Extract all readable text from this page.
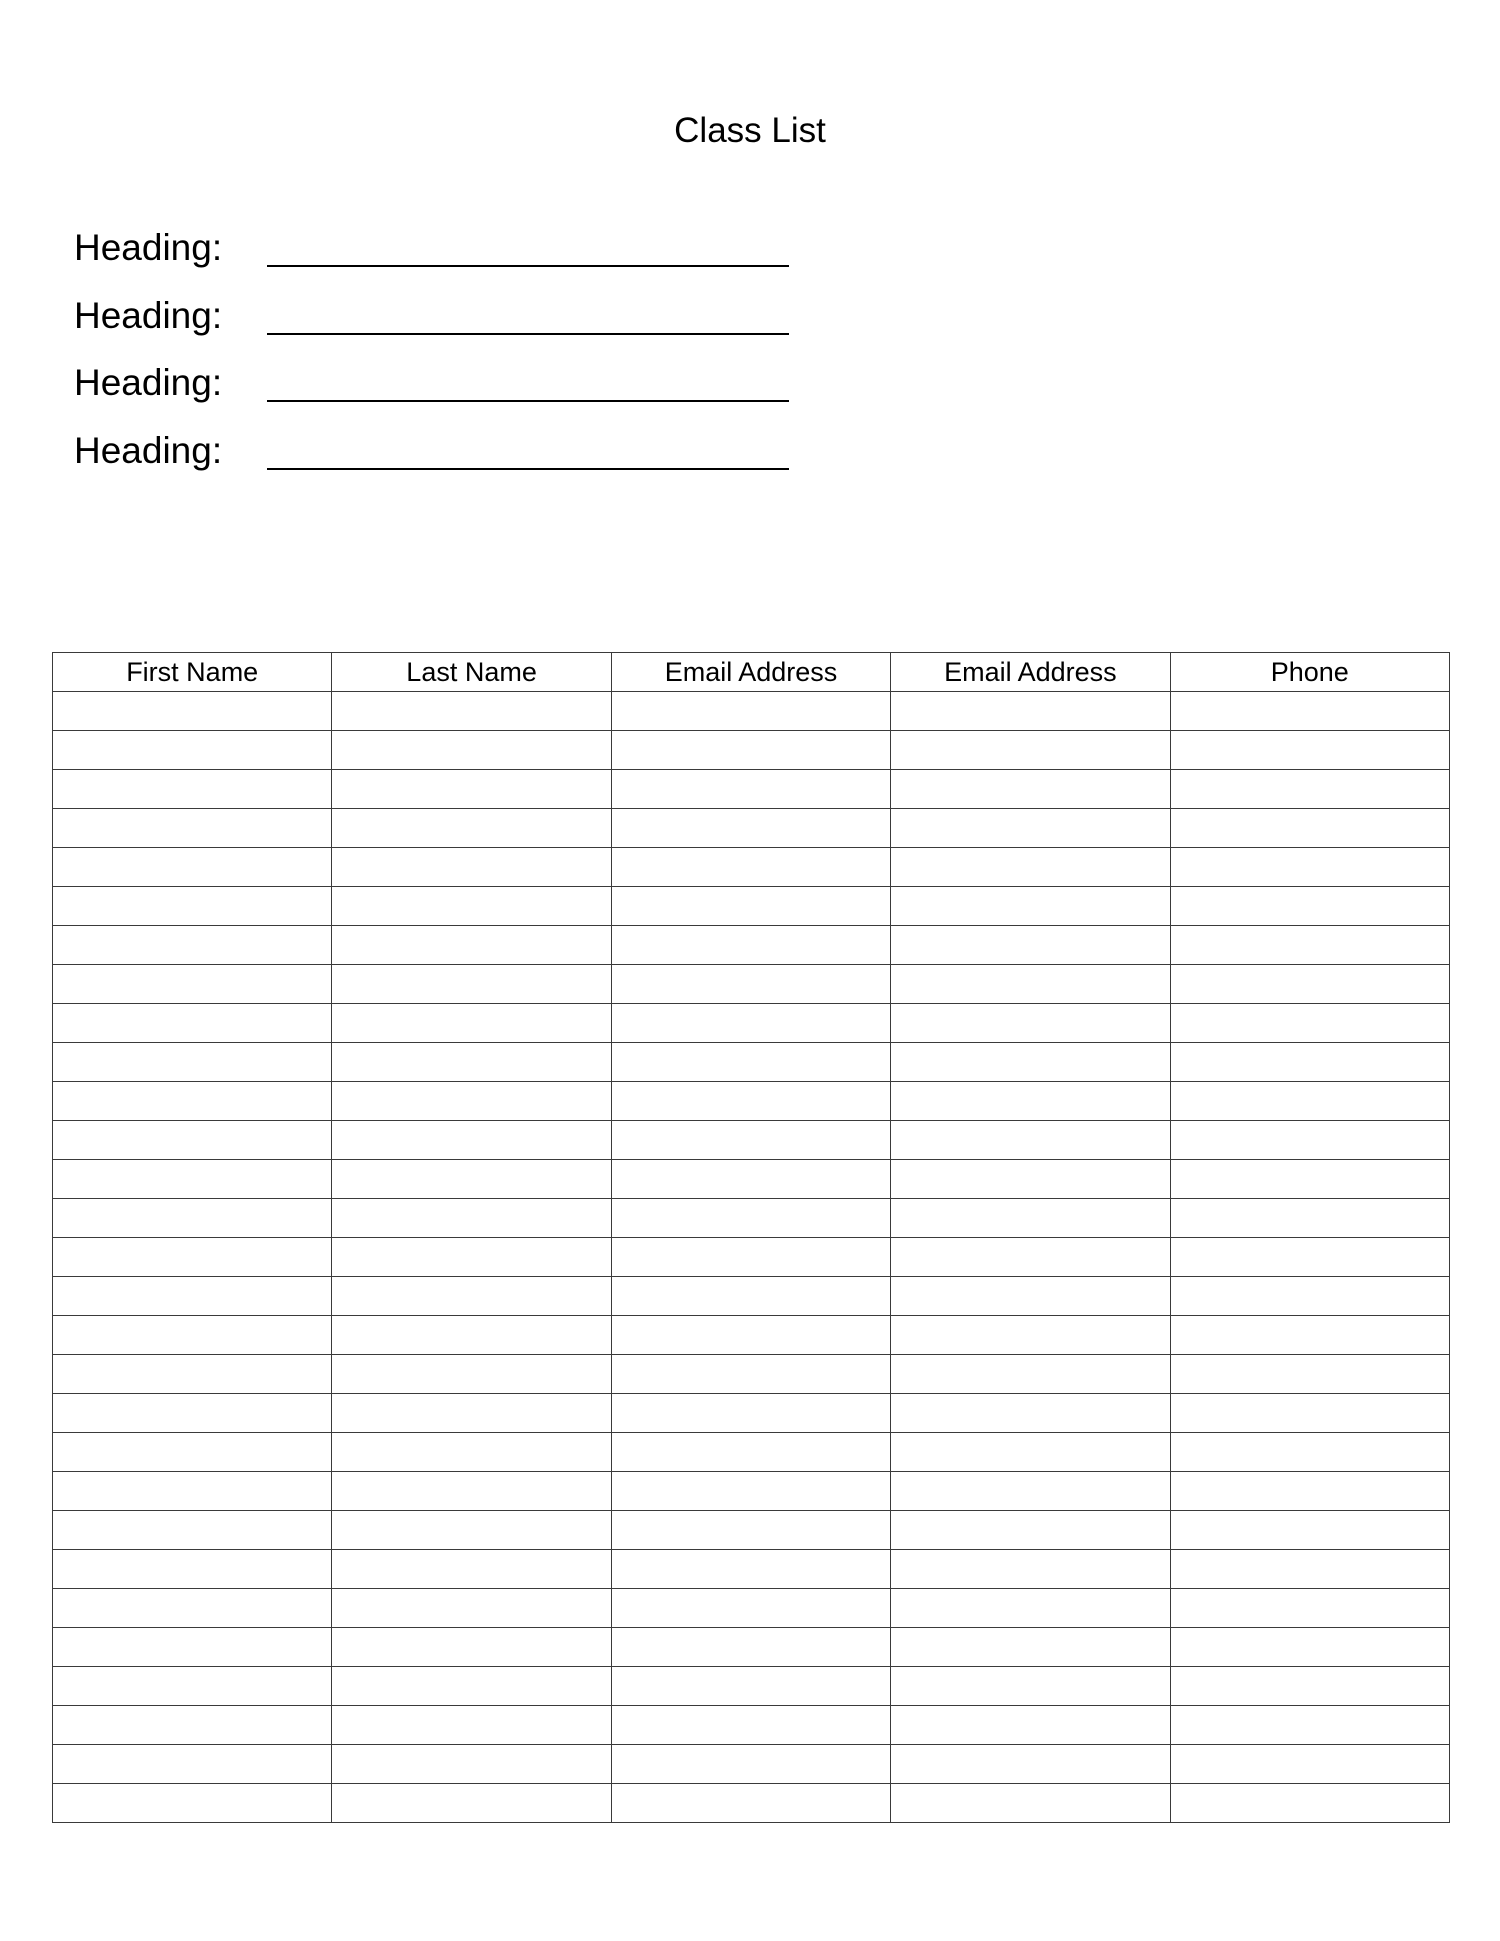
Class List
Heading:
Heading:
Heading:
Heading:
First Name	Last Name	Email Address	Email Address	Phone
